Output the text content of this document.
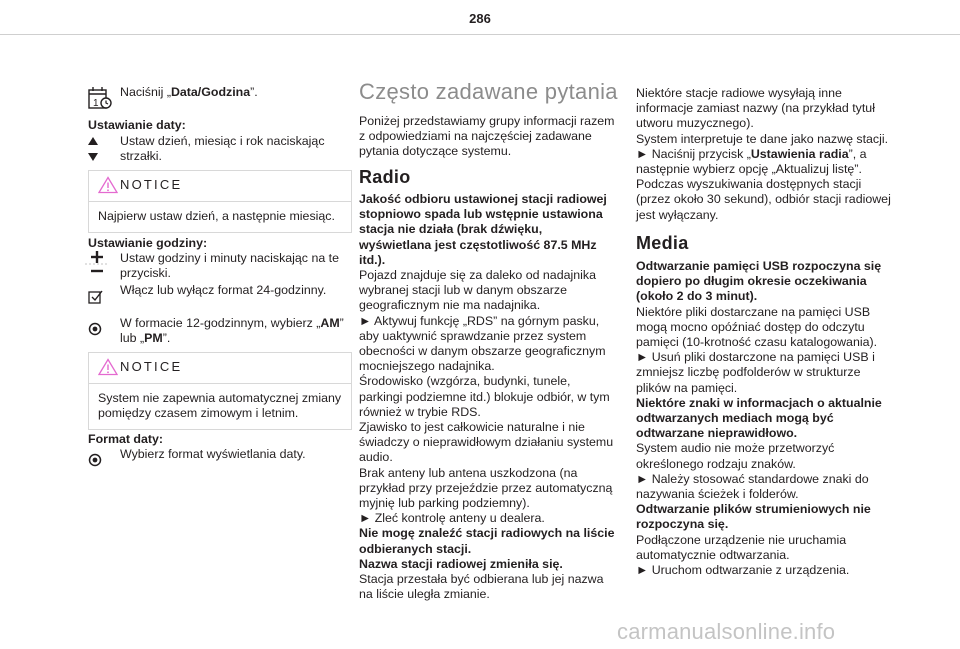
286
1
Naciśnij „Data/Godzina”.

Ustawianie daty:

Ustaw dzień, miesiąc i rok naciskając strzałki.

NOTICE
Najpierw ustaw dzień, a następnie miesiąc.

Ustawianie godziny:

Ustaw godziny i minuty naciskając na te przyciski.

Włącz lub wyłącz format 24-godzinny.

W formacie 12-godzinnym, wybierz „AM” lub „PM”.
NOTICE
System nie zapewnia automatycznej zmiany pomiędzy czasem zimowym i letnim.

Format daty:

Wybierz format wyświetlania daty.

Często zadawane pytania

Poniżej przedstawiamy grupy informacji razem z odpowiedziami na najczęściej zadawane pytania dotyczące systemu.

Radio

Jakość odbioru ustawionej stacji radiowej stopniowo spada lub wstępnie ustawiona stacja nie działa (brak dźwięku, wyświetlana jest częstotliwość 87.5 MHz itd.).

Pojazd znajduje się za daleko od nadajnika wybranej stacji lub w danym obszarze geograficznym nie ma nadajnika.

► Aktywuj funkcję „RDS” na górnym pasku, aby uaktywnić sprawdzanie przez system obecności w danym obszarze geograficznym mocniejszego nadajnika.

Środowisko (wzgórza, budynki, tunele, parkingi podziemne itd.) blokuje odbiór, w tym również w trybie RDS.

Zjawisko to jest całkowicie naturalne i nie świadczy o nieprawidłowym działaniu systemu audio.

Brak anteny lub antena uszkodzona (na przykład przy przejeździe przez automatyczną myjnię lub parking podziemny).

► Zleć kontrolę anteny u dealera.

Nie mogę znaleźć stacji radiowych na liście odbieranych stacji.

Nazwa stacji radiowej zmieniła się.

Stacja przestała być odbierana lub jej nazwa na liście uległa zmianie.

Niektóre stacje radiowe wysyłają inne informacje zamiast nazwy (na przykład tytuł utworu muzycznego).

System interpretuje te dane jako nazwę stacji.

► Naciśnij przycisk „Ustawienia radia”, a następnie wybierz opcję „Aktualizuj listę”.

Podczas wyszukiwania dostępnych stacji (przez około 30 sekund), odbiór stacji radiowej jest wyłączany.

Media

Odtwarzanie pamięci USB rozpoczyna się dopiero po długim okresie oczekiwania (około 2 do 3 minut).

Niektóre pliki dostarczane na pamięci USB mogą mocno opóźniać dostęp do odczytu pamięci (10-krotność czasu katalogowania).

► Usuń pliki dostarczone na pamięci USB i zmniejsz liczbę podfolderów w strukturze plików na pamięci.

Niektóre znaki w informacjach o aktualnie odtwarzanych mediach mogą być odtwarzane nieprawidłowo.

System audio nie może przetworzyć określonego rodzaju znaków.

► Należy stosować standardowe znaki do nazywania ścieżek i folderów.

Odtwarzanie plików strumieniowych nie rozpoczyna się.

Podłączone urządzenie nie uruchamia automatycznie odtwarzania.

► Uruchom odtwarzanie z urządzenia.

carmanualsonline.info
